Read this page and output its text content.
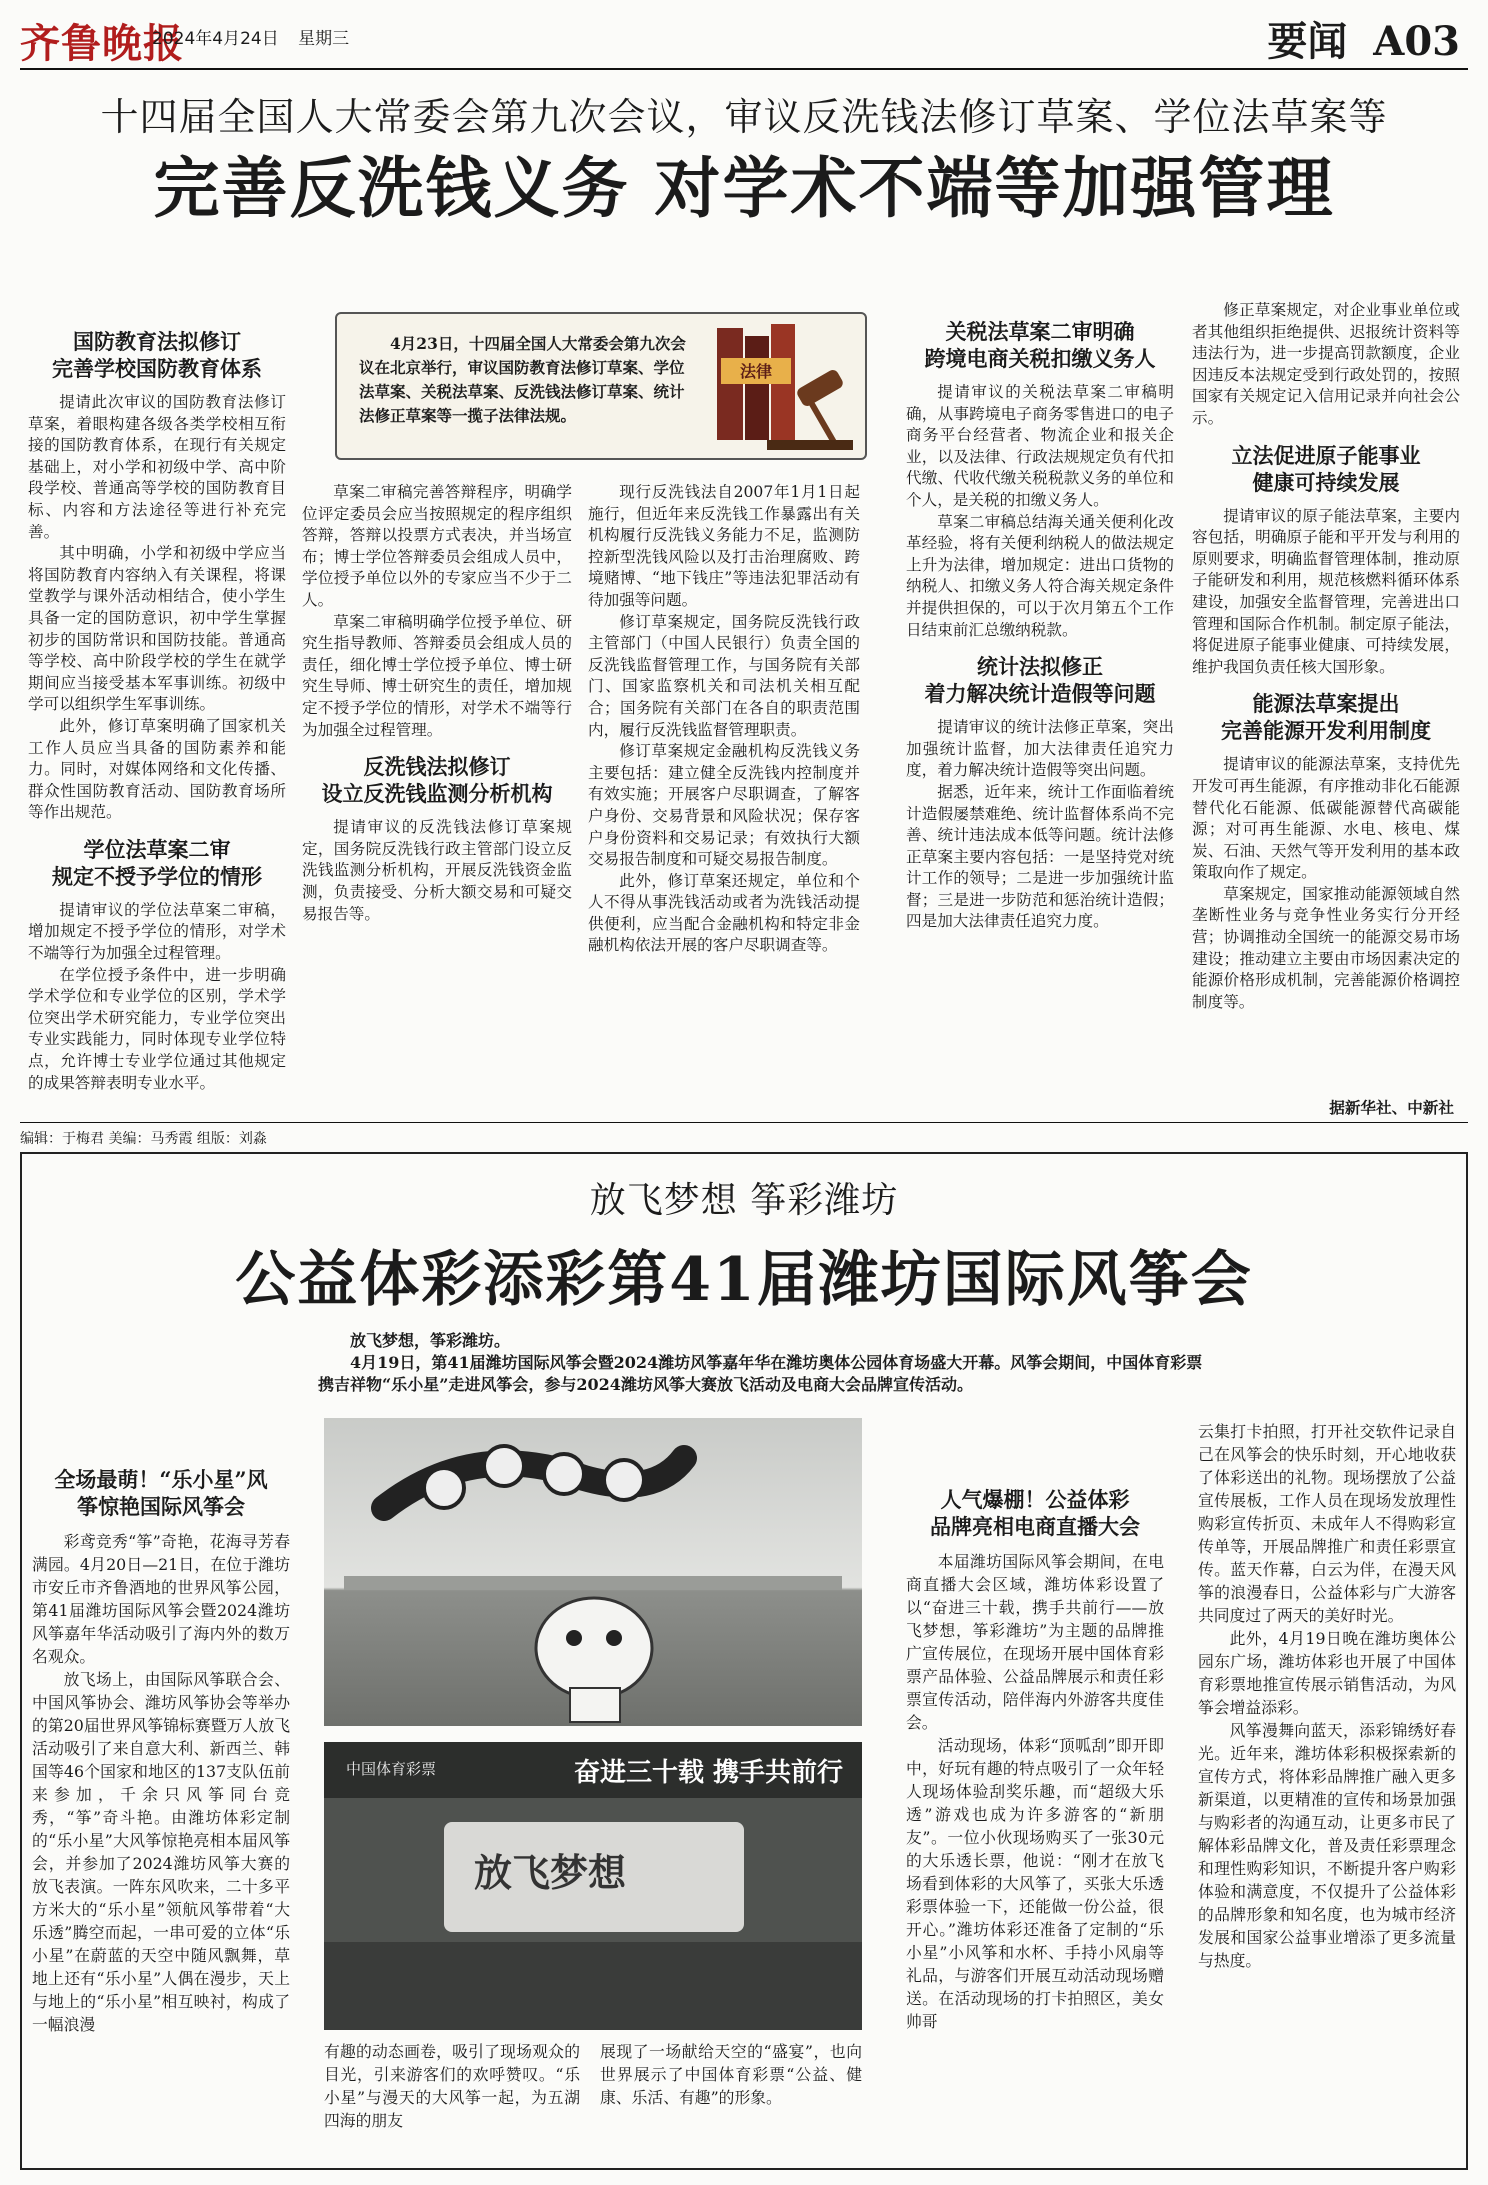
齐鲁晚报
2024年4月24日 星期三	要闻 A03
十四届全国人大常委会第九次会议，审议反洗钱法修订草案、学位法草案等
完善反洗钱义务 对学术不端等加强管理
4月23日，十四届全国人大常委会第九次会议在北京举行，审议国防教育法修订草案、学位法草案、关税法草案、反洗钱法修订草案、统计法修正草案等一揽子法律法规。
法律
国防教育法拟修订
完善学校国防教育体系

提请此次审议的国防教育法修订草案，着眼构建各级各类学校相互衔接的国防教育体系，在现行有关规定基础上，对小学和初级中学、高中阶段学校、普通高等学校的国防教育目标、内容和方法途径等进行补充完善。

其中明确，小学和初级中学应当将国防教育内容纳入有关课程，将课堂教学与课外活动相结合，使小学生具备一定的国防意识，初中学生掌握初步的国防常识和国防技能。普通高等学校、高中阶段学校的学生在就学期间应当接受基本军事训练。初级中学可以组织学生军事训练。

此外，修订草案明确了国家机关工作人员应当具备的国防素养和能力。同时，对媒体网络和文化传播、群众性国防教育活动、国防教育场所等作出规范。

学位法草案二审
规定不授予学位的情形

提请审议的学位法草案二审稿，增加规定不授予学位的情形，对学术不端等行为加强全过程管理。

在学位授予条件中，进一步明确学术学位和专业学位的区别，学术学位突出学术研究能力，专业学位突出专业实践能力，同时体现专业学位特点，允许博士专业学位通过其他规定的成果答辩表明专业水平。

草案二审稿完善答辩程序，明确学位评定委员会应当按照规定的程序组织答辩，答辩以投票方式表决，并当场宣布；博士学位答辩委员会组成人员中，学位授予单位以外的专家应当不少于二人。

草案二审稿明确学位授予单位、研究生指导教师、答辩委员会组成人员的责任，细化博士学位授予单位、博士研究生导师、博士研究生的责任，增加规定不授予学位的情形，对学术不端等行为加强全过程管理。

反洗钱法拟修订
设立反洗钱监测分析机构

提请审议的反洗钱法修订草案规定，国务院反洗钱行政主管部门设立反洗钱监测分析机构，开展反洗钱资金监测，负责接受、分析大额交易和可疑交易报告等。

现行反洗钱法自2007年1月1日起施行，但近年来反洗钱工作暴露出有关机构履行反洗钱义务能力不足，监测防控新型洗钱风险以及打击治理腐败、跨境赌博、“地下钱庄”等违法犯罪活动有待加强等问题。

修订草案规定，国务院反洗钱行政主管部门（中国人民银行）负责全国的反洗钱监督管理工作，与国务院有关部门、国家监察机关和司法机关相互配合；国务院有关部门在各自的职责范围内，履行反洗钱监督管理职责。

修订草案规定金融机构反洗钱义务主要包括：建立健全反洗钱内控制度并有效实施；开展客户尽职调查，了解客户身份、交易背景和风险状况；保存客户身份资料和交易记录；有效执行大额交易报告制度和可疑交易报告制度。

此外，修订草案还规定，单位和个人不得从事洗钱活动或者为洗钱活动提供便利，应当配合金融机构和特定非金融机构依法开展的客户尽职调查等。

关税法草案二审明确
跨境电商关税扣缴义务人

提请审议的关税法草案二审稿明确，从事跨境电子商务零售进口的电子商务平台经营者、物流企业和报关企业，以及法律、行政法规规定负有代扣代缴、代收代缴关税税款义务的单位和个人，是关税的扣缴义务人。

草案二审稿总结海关通关便利化改革经验，将有关便利纳税人的做法规定上升为法律，增加规定：进出口货物的纳税人、扣缴义务人符合海关规定条件并提供担保的，可以于次月第五个工作日结束前汇总缴纳税款。

统计法拟修正
着力解决统计造假等问题

提请审议的统计法修正草案，突出加强统计监督，加大法律责任追究力度，着力解决统计造假等突出问题。

据悉，近年来，统计工作面临着统计造假屡禁难绝、统计监督体系尚不完善、统计违法成本低等问题。统计法修正草案主要内容包括：一是坚持党对统计工作的领导；二是进一步加强统计监督；三是进一步防范和惩治统计造假；四是加大法律责任追究力度。

修正草案规定，对企业事业单位或者其他组织拒绝提供、迟报统计资料等违法行为，进一步提高罚款额度，企业因违反本法规定受到行政处罚的，按照国家有关规定记入信用记录并向社会公示。

立法促进原子能事业
健康可持续发展

提请审议的原子能法草案，主要内容包括，明确原子能和平开发与利用的原则要求，明确监督管理体制，推动原子能研发和利用，规范核燃料循环体系建设，加强安全监督管理，完善进出口管理和国际合作机制。制定原子能法，将促进原子能事业健康、可持续发展，维护我国负责任核大国形象。

能源法草案提出
完善能源开发利用制度

提请审议的能源法草案，支持优先开发可再生能源，有序推动非化石能源替代化石能源、低碳能源替代高碳能源；对可再生能源、水电、核电、煤炭、石油、天然气等开发利用的基本政策取向作了规定。

草案规定，国家推动能源领域自然垄断性业务与竞争性业务实行分开经营；协调推动全国统一的能源交易市场建设；推动建立主要由市场因素决定的能源价格形成机制，完善能源价格调控制度等。

据新华社、中新社
编辑：于梅君 美编：马秀霞 组版：刘淼
放飞梦想 筝彩潍坊
公益体彩添彩第41届潍坊国际风筝会

放飞梦想，筝彩潍坊。

4月19日，第41届潍坊国际风筝会暨2024潍坊风筝嘉年华在潍坊奥体公园体育场盛大开幕。风筝会期间，中国体育彩票携吉祥物“乐小星”走进风筝会，参与2024潍坊风筝大赛放飞活动及电商大会品牌宣传活动。

中国体育彩票	奋进三十载 携手共前行
放飞梦想
全场最萌！“乐小星”风
筝惊艳国际风筝会

彩鸢竞秀“筝”奇艳，花海寻芳春满园。4月20日—21日，在位于潍坊市安丘市齐鲁酒地的世界风筝公园，第41届潍坊国际风筝会暨2024潍坊风筝嘉年华活动吸引了海内外的数万名观众。

放飞场上，由国际风筝联合会、中国风筝协会、潍坊风筝协会等举办的第20届世界风筝锦标赛暨万人放飞活动吸引了来自意大利、新西兰、韩国等46个国家和地区的137支队伍前来参加，千余只风筝同台竞秀，“筝”奇斗艳。由潍坊体彩定制的“乐小星”大风筝惊艳亮相本届风筝会，并参加了2024潍坊风筝大赛的放飞表演。一阵东风吹来，二十多平方米大的“乐小星”领航风筝带着“大乐透”腾空而起，一串可爱的立体“乐小星”在蔚蓝的天空中随风飘舞，草地上还有“乐小星”人偶在漫步，天上与地上的“乐小星”相互映衬，构成了一幅浪漫

有趣的动态画卷，吸引了现场观众的目光，引来游客们的欢呼赞叹。“乐小星”与漫天的大风筝一起，为五湖四海的朋友

展现了一场献给天空的“盛宴”，也向世界展示了中国体育彩票“公益、健康、乐活、有趣”的形象。

人气爆棚！公益体彩
品牌亮相电商直播大会

本届潍坊国际风筝会期间，在电商直播大会区域，潍坊体彩设置了以“奋进三十载，携手共前行——放飞梦想，筝彩潍坊”为主题的品牌推广宣传展位，在现场开展中国体育彩票产品体验、公益品牌展示和责任彩票宣传活动，陪伴海内外游客共度佳会。

活动现场，体彩“顶呱刮”即开即中，好玩有趣的特点吸引了一众年轻人现场体验刮奖乐趣，而“超级大乐透”游戏也成为许多游客的“新朋友”。一位小伙现场购买了一张30元的大乐透长票，他说：“刚才在放飞场看到体彩的大风筝了，买张大乐透彩票体验一下，还能做一份公益，很开心。”潍坊体彩还准备了定制的“乐小星”小风筝和水杯、手持小风扇等礼品，与游客们开展互动活动现场赠送。在活动现场的打卡拍照区，美女帅哥

云集打卡拍照，打开社交软件记录自己在风筝会的快乐时刻，开心地收获了体彩送出的礼物。现场摆放了公益宣传展板，工作人员在现场发放理性购彩宣传折页、未成年人不得购彩宣传单等，开展品牌推广和责任彩票宣传。蓝天作幕，白云为伴，在漫天风筝的浪漫春日，公益体彩与广大游客共同度过了两天的美好时光。

此外，4月19日晚在潍坊奥体公园东广场，潍坊体彩也开展了中国体育彩票地推宣传展示销售活动，为风筝会增益添彩。

风筝漫舞向蓝天，添彩锦绣好春光。近年来，潍坊体彩积极探索新的宣传方式，将体彩品牌推广融入更多新渠道，以更精准的宣传和场景加强与购彩者的沟通互动，让更多市民了解体彩品牌文化，普及责任彩票理念和理性购彩知识，不断提升客户购彩体验和满意度，不仅提升了公益体彩的品牌形象和知名度，也为城市经济发展和国家公益事业增添了更多流量与热度。
